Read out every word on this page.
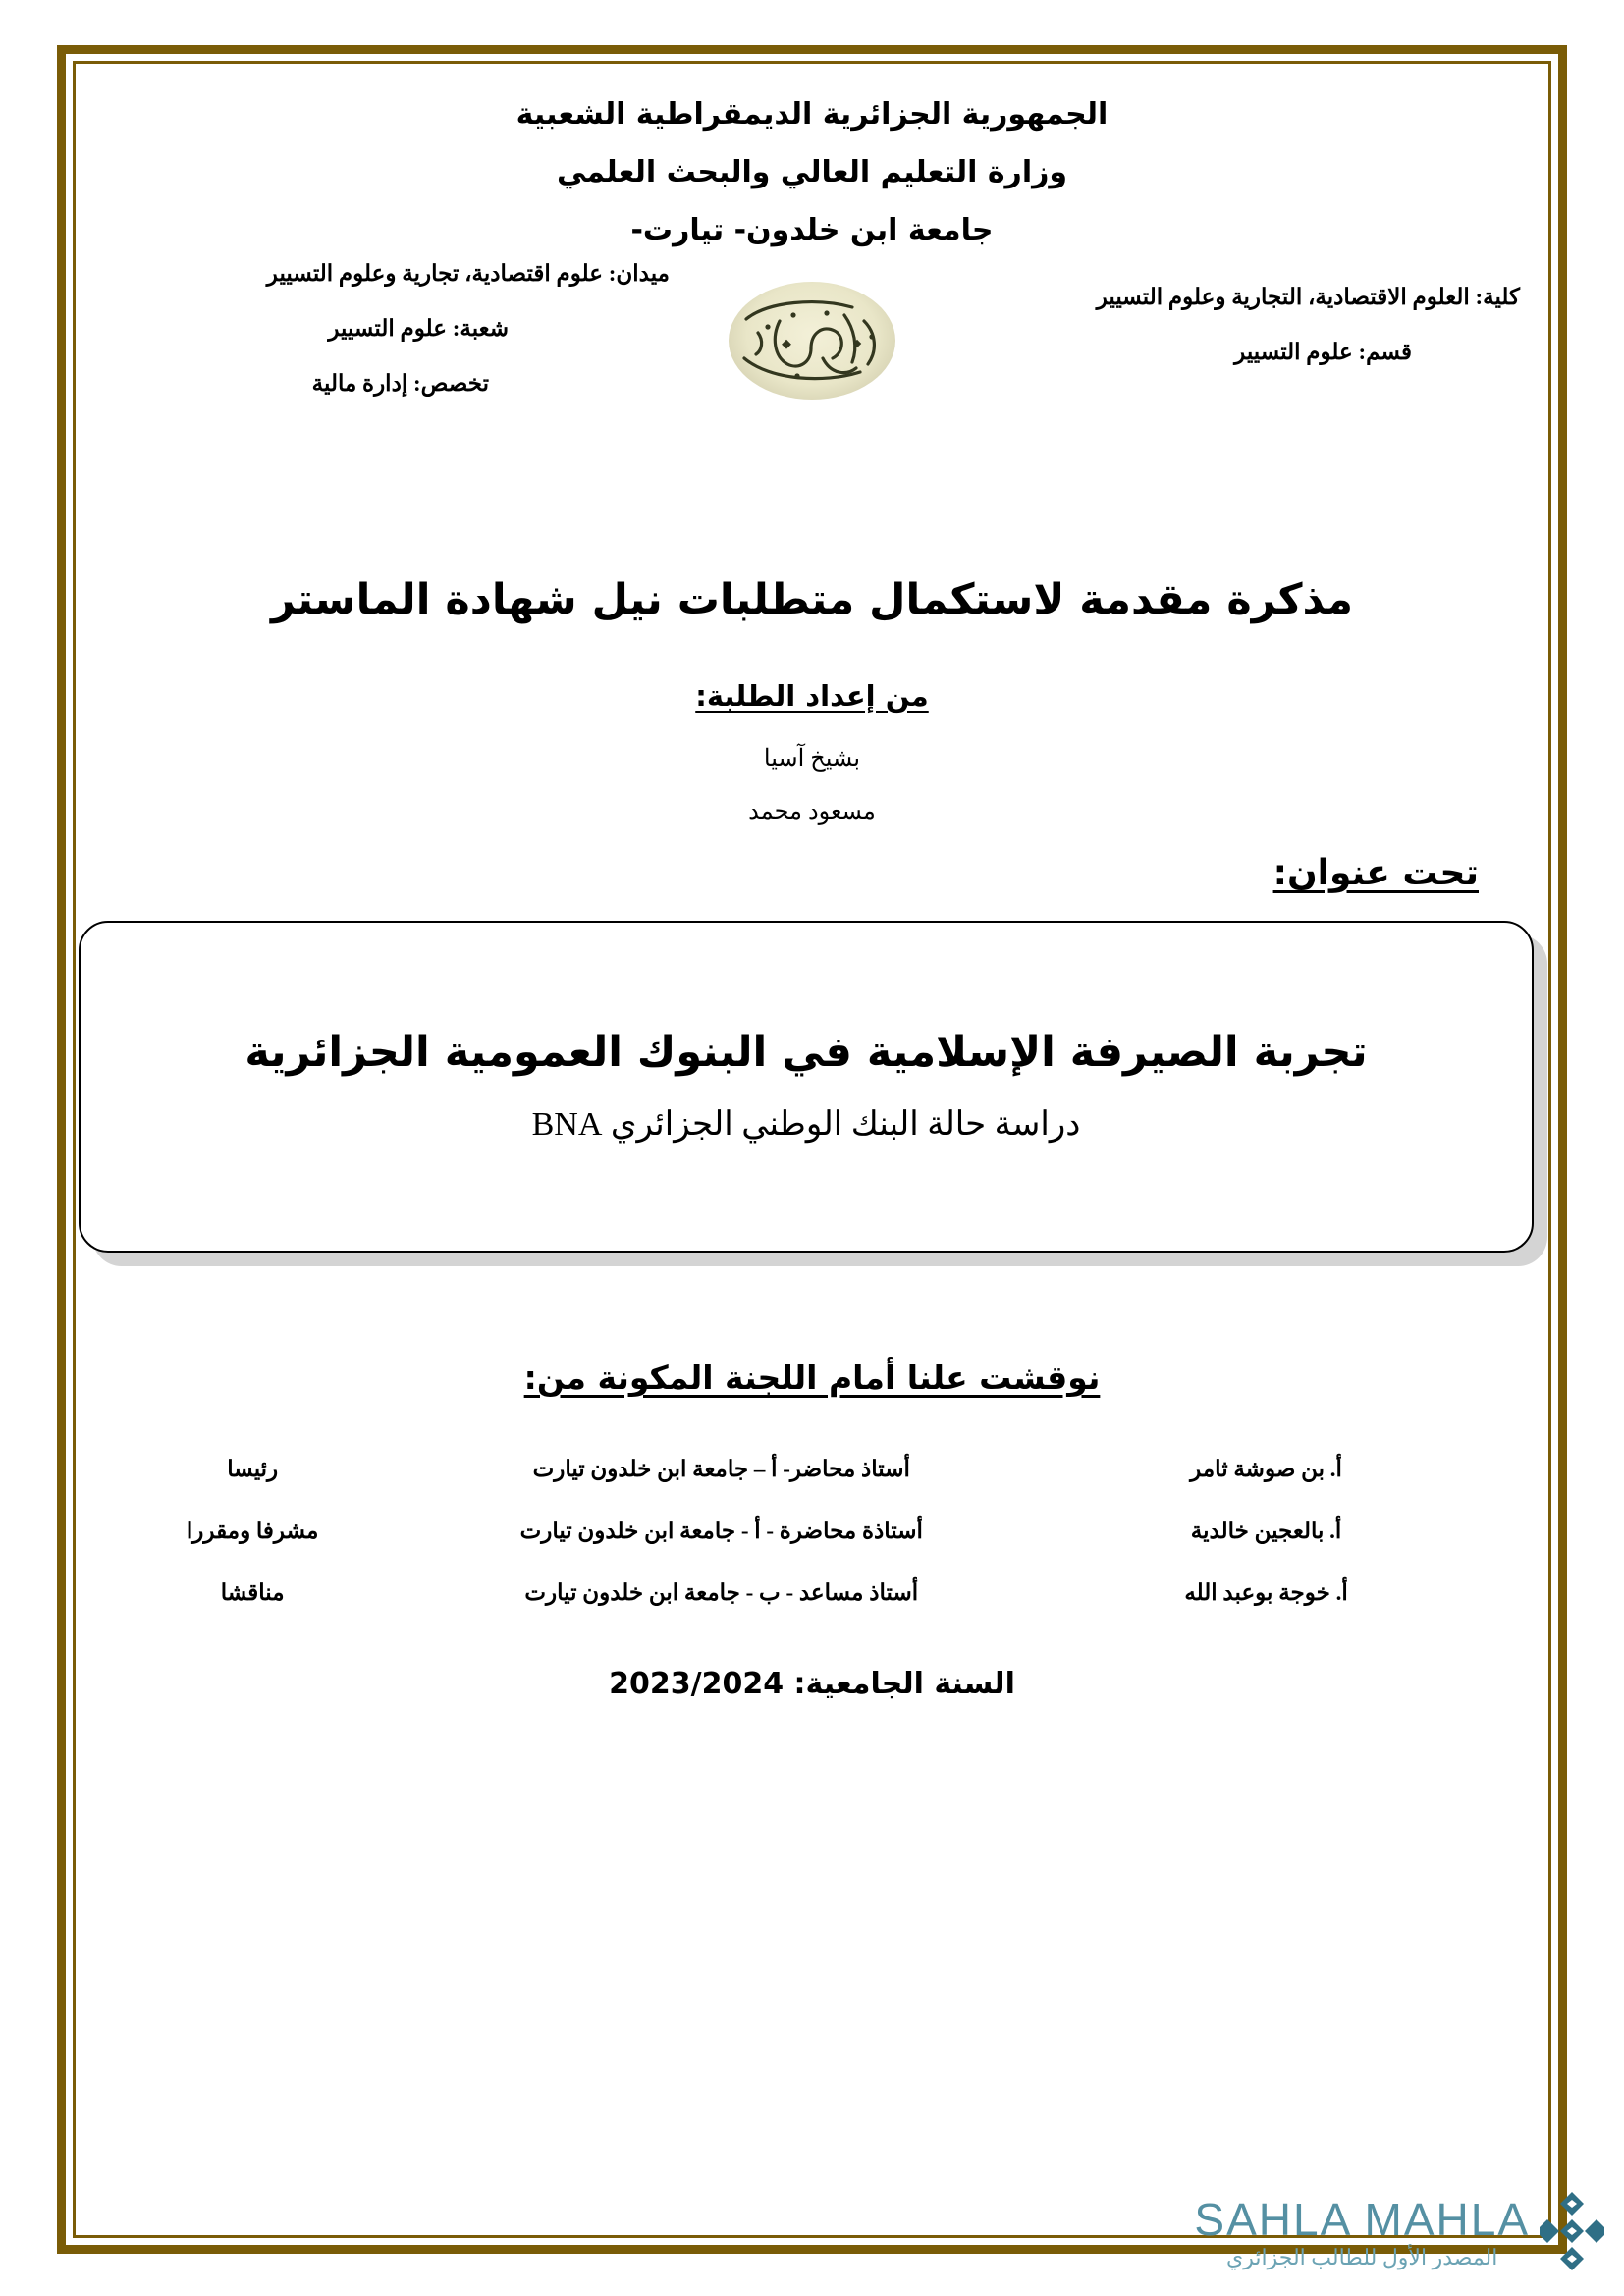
الجمهورية الجزائرية الديمقراطية الشعبية
وزارة التعليم العالي والبحث العلمي
جامعة ابن خلدون- تيارت-
ميدان: علوم اقتصادية، تجارية وعلوم التسيير
شعبة: علوم التسيير
تخصص: إدارة مالية
كلية: العلوم الاقتصادية، التجارية وعلوم التسيير
قسم: علوم التسيير
مذكرة مقدمة لاستكمال متطلبات نيل شهادة الماستر
من إعداد الطلبة:
بشيخ آسيا
مسعود محمد
تحت عنوان:
تجربة الصيرفة الإسلامية في البنوك العمومية الجزائرية
دراسة حالة البنك الوطني الجزائري BNA
نوقشت علنا أمام اللجنة المكونة من:
أ. بن صوشة ثامر	أستاذ محاضر- أ – جامعة ابن خلدون تيارت	رئيسا
أ. بالعجين خالدية	أستاذة محاضرة - أ - جامعة ابن خلدون تيارت	مشرفا ومقررا
أ. خوجة بوعبد الله	أستاذ مساعد - ب - جامعة ابن خلدون تيارت	مناقشا
السنة الجامعية: 2023/2024
SAHLA MAHLA
المصدر الأول للطالب الجزائري
